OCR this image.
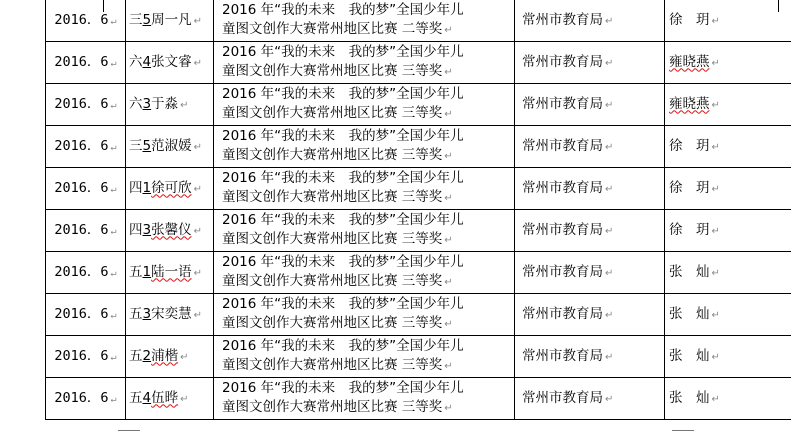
2016．6 ↵	三5周一凡 ↵	2016 年“我的未来　我的梦”全国少年儿
童图文创作大赛常州地区比赛 二等奖 ↵	常州市教育局 ↵	徐　玥 ↵
2016．6 ↵	六4张文睿 ↵	2016 年“我的未来　我的梦”全国少年儿
童图文创作大赛常州地区比赛 三等奖 ↵	常州市教育局 ↵	雍晓燕 ↵
2016．6 ↵	六3于淼 ↵	2016 年“我的未来　我的梦”全国少年儿
童图文创作大赛常州地区比赛 三等奖 ↵	常州市教育局 ↵	雍晓燕 ↵
2016．6 ↵	三5范淑媛 ↵	2016 年“我的未来　我的梦”全国少年儿
童图文创作大赛常州地区比赛 三等奖 ↵	常州市教育局 ↵	徐　玥 ↵
2016．6 ↵	四1徐可欣 ↵	2016 年“我的未来　我的梦”全国少年儿
童图文创作大赛常州地区比赛 三等奖 ↵	常州市教育局 ↵	徐　玥 ↵
2016．6 ↵	四3张馨仪 ↵	2016 年“我的未来　我的梦”全国少年儿
童图文创作大赛常州地区比赛 三等奖 ↵	常州市教育局 ↵	徐　玥 ↵
2016．6 ↵	五1陆一语 ↵	2016 年“我的未来　我的梦”全国少年儿
童图文创作大赛常州地区比赛 三等奖 ↵	常州市教育局 ↵	张　灿 ↵
2016．6 ↵	五3宋奕慧 ↵	2016 年“我的未来　我的梦”全国少年儿
童图文创作大赛常州地区比赛 三等奖 ↵	常州市教育局 ↵	张　灿 ↵
2016．6 ↵	五2浦楷 ↵	2016 年“我的未来　我的梦”全国少年儿
童图文创作大赛常州地区比赛 三等奖 ↵	常州市教育局 ↵	张　灿 ↵
2016．6 ↵	五4伍晔 ↵	2016 年“我的未来　我的梦”全国少年儿
童图文创作大赛常州地区比赛 三等奖 ↵	常州市教育局 ↵	张　灿 ↵
